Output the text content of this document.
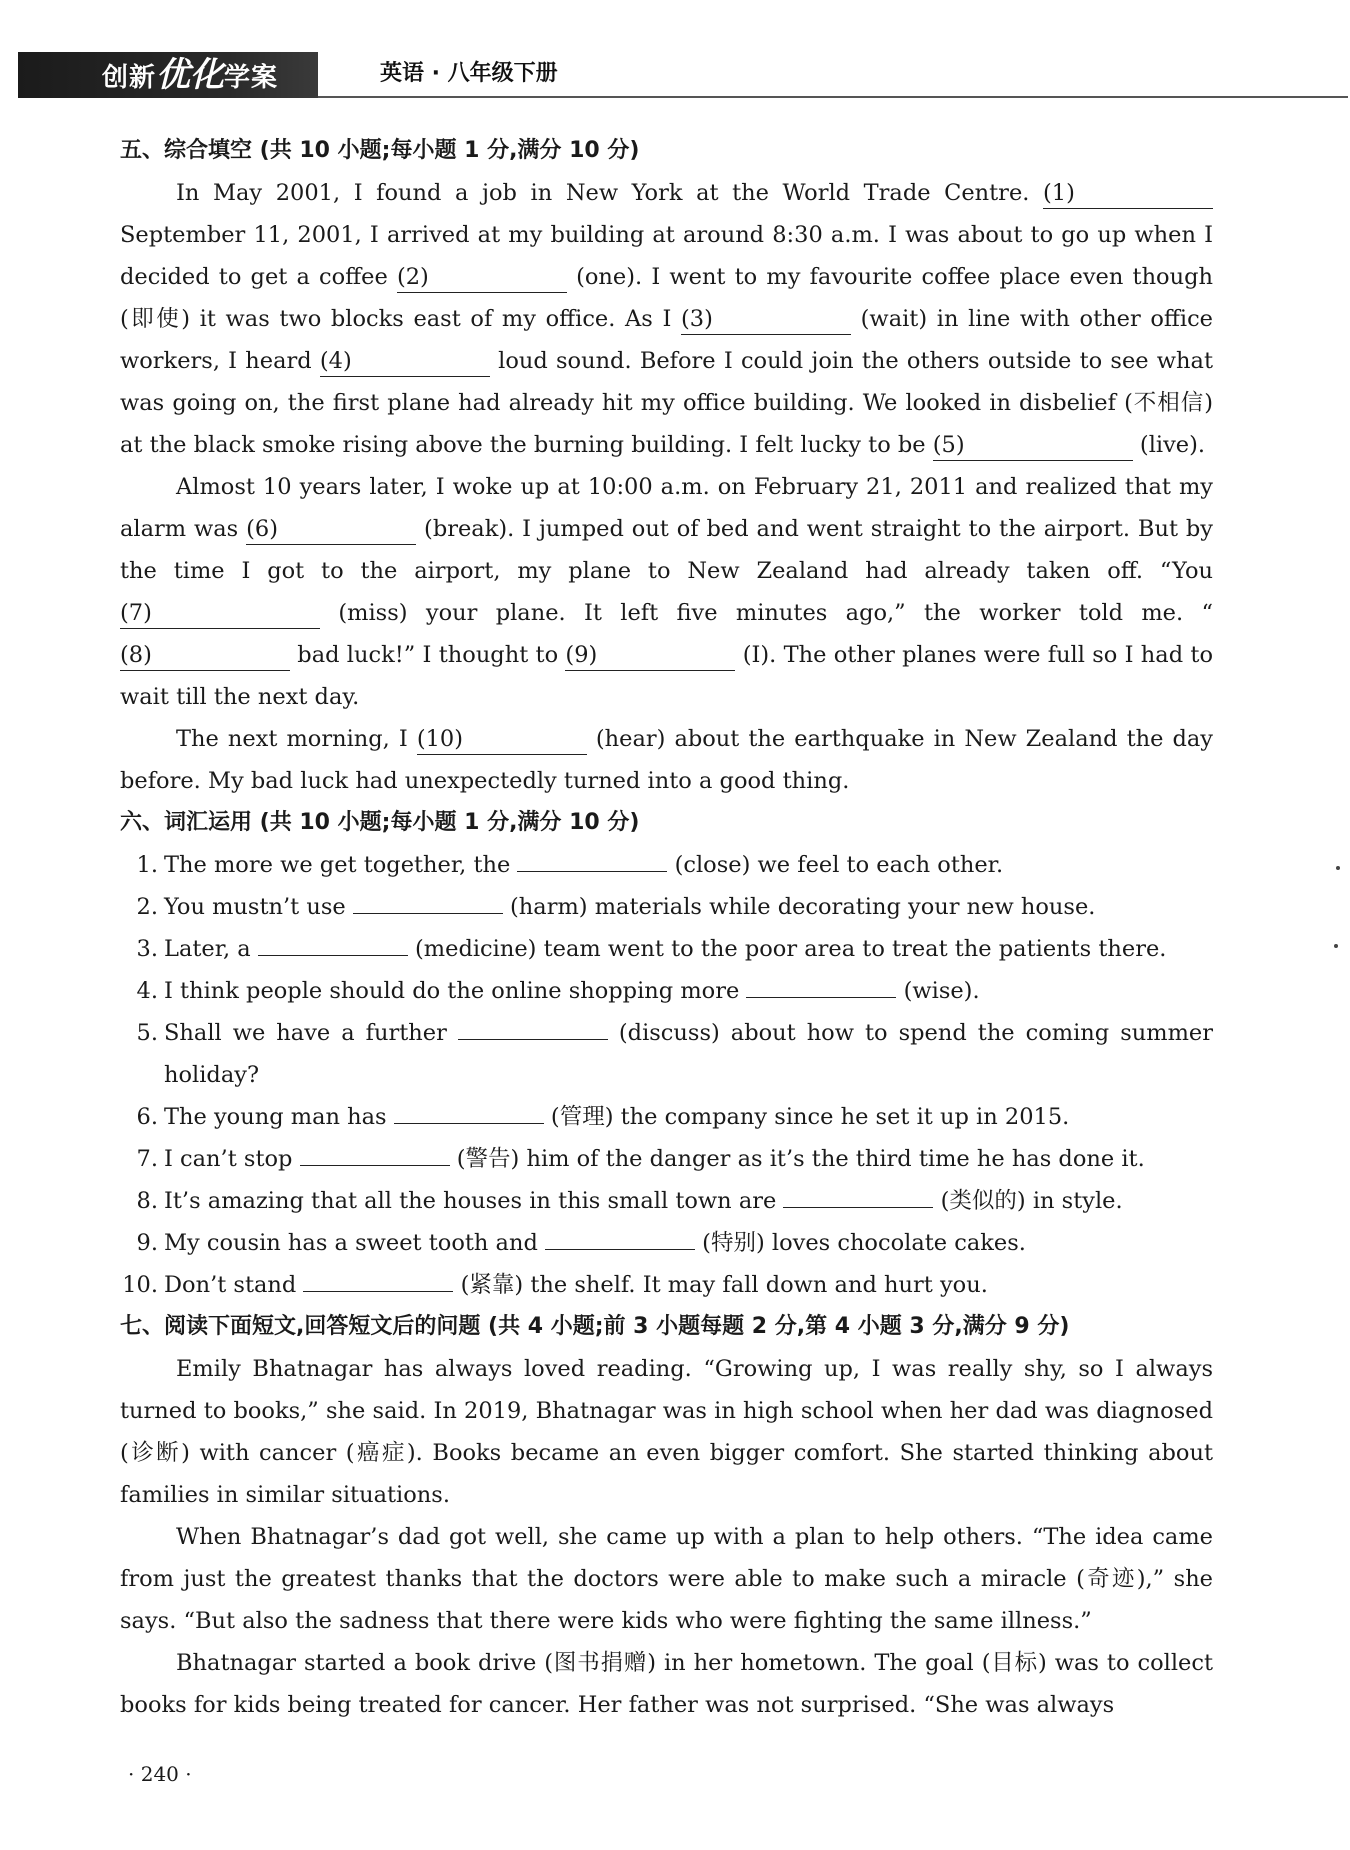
创新优化学案	英语 · 八年级下册

五、综合填空 (共 10 小题;每小题 1 分,满分 10 分)

In May 2001, I found a job in New York at the World Trade Centre. (1) September 11, 2001, I arrived at my building at around 8:30 a.m. I was about to go up when I decided to get a coffee (2)	(one). I went to my favourite coffee place even though (即使) it was two blocks east of my office. As I (3)	(wait) in line with other office workers, I heard (4)	loud sound. Before I could join the others outside to see what was going on, the first plane had already hit my office building. We looked in disbelief (不相信) at the black smoke rising above the burning building. I felt lucky to be (5)	(live).

Almost 10 years later, I woke up at 10:00 a.m. on February 21, 2011 and realized that my alarm was (6)	(break). I jumped out of bed and went straight to the airport. But by the time I got to the airport, my plane to New Zealand had already taken off. “You (7)	(miss) your plane. It left five minutes ago,” the worker told me. “(8)	bad luck!” I thought to (9)	(I). The other planes were full so I had to wait till the next day.

The next morning, I (10)	(hear) about the earthquake in New Zealand the day before. My bad luck had unexpectedly turned into a good thing.

六、词汇运用 (共 10 小题;每小题 1 分,满分 10 分)

1. The more we get together, the	(close) we feel to each other.
2. You mustn’t use	(harm) materials while decorating your new house.
3. Later, a	(medicine) team went to the poor area to treat the patients there.
4. I think people should do the online shopping more	(wise).
5. Shall we have a further	(discuss) about how to spend the coming summer holiday?
6. The young man has	(管理) the company since he set it up in 2015.
7. I can’t stop	(警告) him of the danger as it’s the third time he has done it.
8. It’s amazing that all the houses in this small town are	(类似的) in style.
9. My cousin has a sweet tooth and	(特别) loves chocolate cakes.
10. Don’t stand	(紧靠) the shelf. It may fall down and hurt you.

七、阅读下面短文,回答短文后的问题 (共 4 小题;前 3 小题每题 2 分,第 4 小题 3 分,满分 9 分)

Emily Bhatnagar has always loved reading. “Growing up, I was really shy, so I always turned to books,” she said. In 2019, Bhatnagar was in high school when her dad was diagnosed (诊断) with cancer (癌症). Books became an even bigger comfort. She started thinking about families in similar situations.

When Bhatnagar’s dad got well, she came up with a plan to help others. “The idea came from just the greatest thanks that the doctors were able to make such a miracle (奇迹),” she says. “But also the sadness that there were kids who were fighting the same illness.”

Bhatnagar started a book drive (图书捐赠) in her hometown. The goal (目标) was to collect books for kids being treated for cancer. Her father was not surprised. “She was always

· 240 ·
